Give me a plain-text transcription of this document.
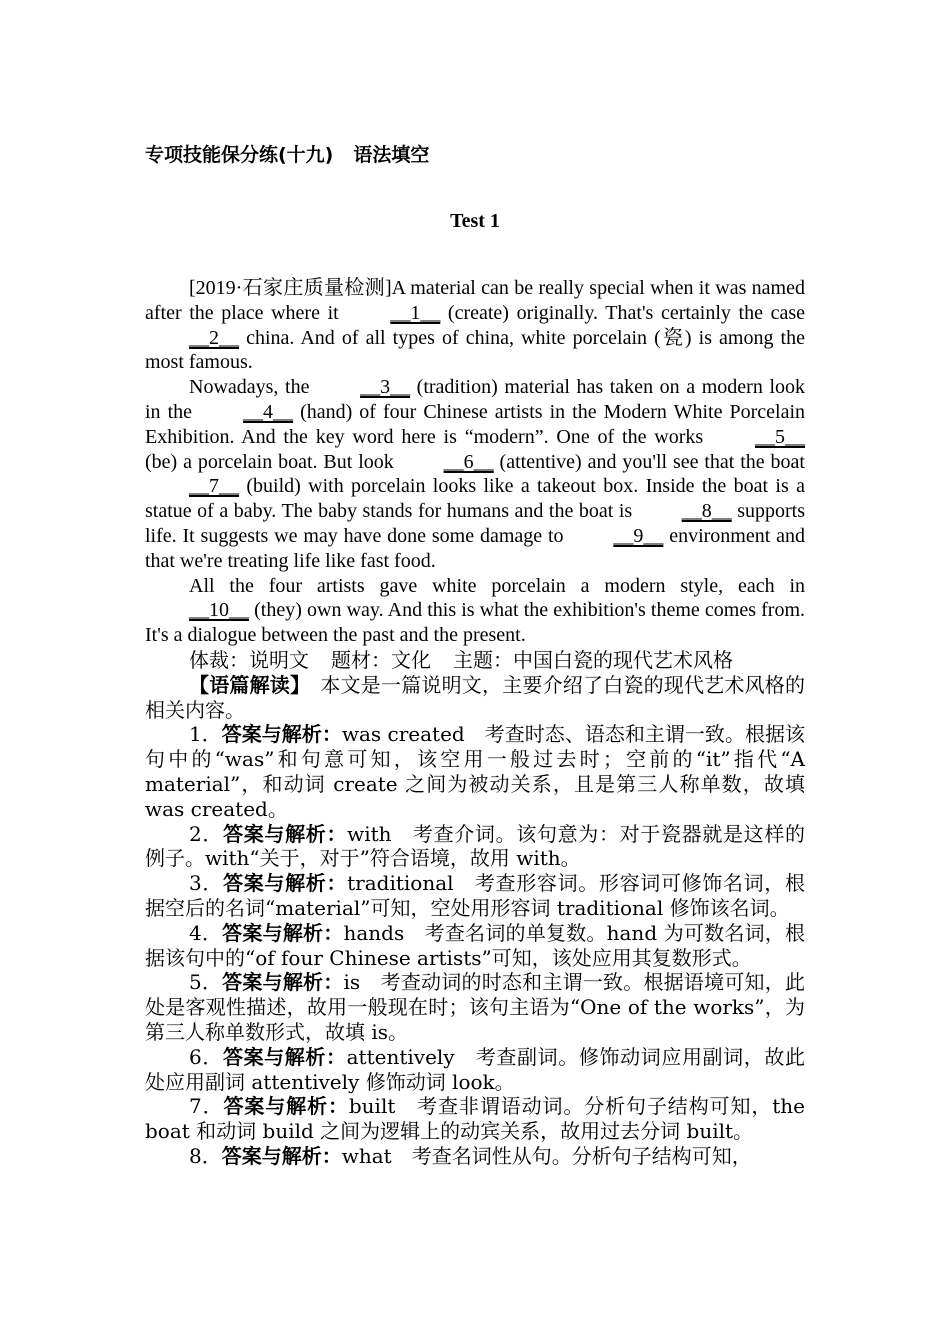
专项技能保分练(十九) 语法填空
Test 1

[2019·石家庄质量检测]A material can be really special when it was named after the place where it __1__ (create) originally. That's certainly the case __2__ china. And of all types of china, white porcelain (瓷) is among the most famous.

Nowadays, the __3__ (tradition) material has taken on a modern look in the __4__ (hand) of four Chinese artists in the Modern White Porcelain Exhibition. And the key word here is “modern”. One of the works __5__ (be) a porcelain boat. But look __6__ (attentive) and you'll see that the boat __7__ (build) with porcelain looks like a takeout box. Inside the boat is a statue of a baby. The baby stands for humans and the boat is __8__ supports life. It suggests we may have done some damage to __9__ environment and that we're treating life like fast food.

All the four artists gave white porcelain a modern style, each in __10__ (they) own way. And this is what the exhibition's theme comes from. It's a dialogue between the past and the present.

体裁：说明文 题材：文化 主题：中国白瓷的现代艺术风格

【语篇解读】　本文是一篇说明文，主要介绍了白瓷的现代艺术风格的相关内容。

1．答案与解析：was created　考查时态、语态和主谓一致。根据该句中的“was”和句意可知，该空用一般过去时；空前的“it”指代“A material”，和动词 create 之间为被动关系，且是第三人称单数，故填 was created。

2．答案与解析：with　考查介词。该句意为：对于瓷器就是这样的例子。with“关于，对于”符合语境，故用 with。

3．答案与解析：traditional　考查形容词。形容词可修饰名词，根据空后的名词“material”可知，空处用形容词 traditional 修饰该名词。

4．答案与解析：hands　考查名词的单复数。hand 为可数名词，根据该句中的“of four Chinese artists”可知，该处应用其复数形式。

5．答案与解析：is　考查动词的时态和主谓一致。根据语境可知，此处是客观性描述，故用一般现在时；该句主语为“One of the works”，为第三人称单数形式，故填 is。

6．答案与解析：attentively　考查副词。修饰动词应用副词，故此处应用副词 attentively 修饰动词 look。

7．答案与解析：built　考查非谓语动词。分析句子结构可知，the boat 和动词 build 之间为逻辑上的动宾关系，故用过去分词 built。

8．答案与解析：what　考查名词性从句。分析句子结构可知，
